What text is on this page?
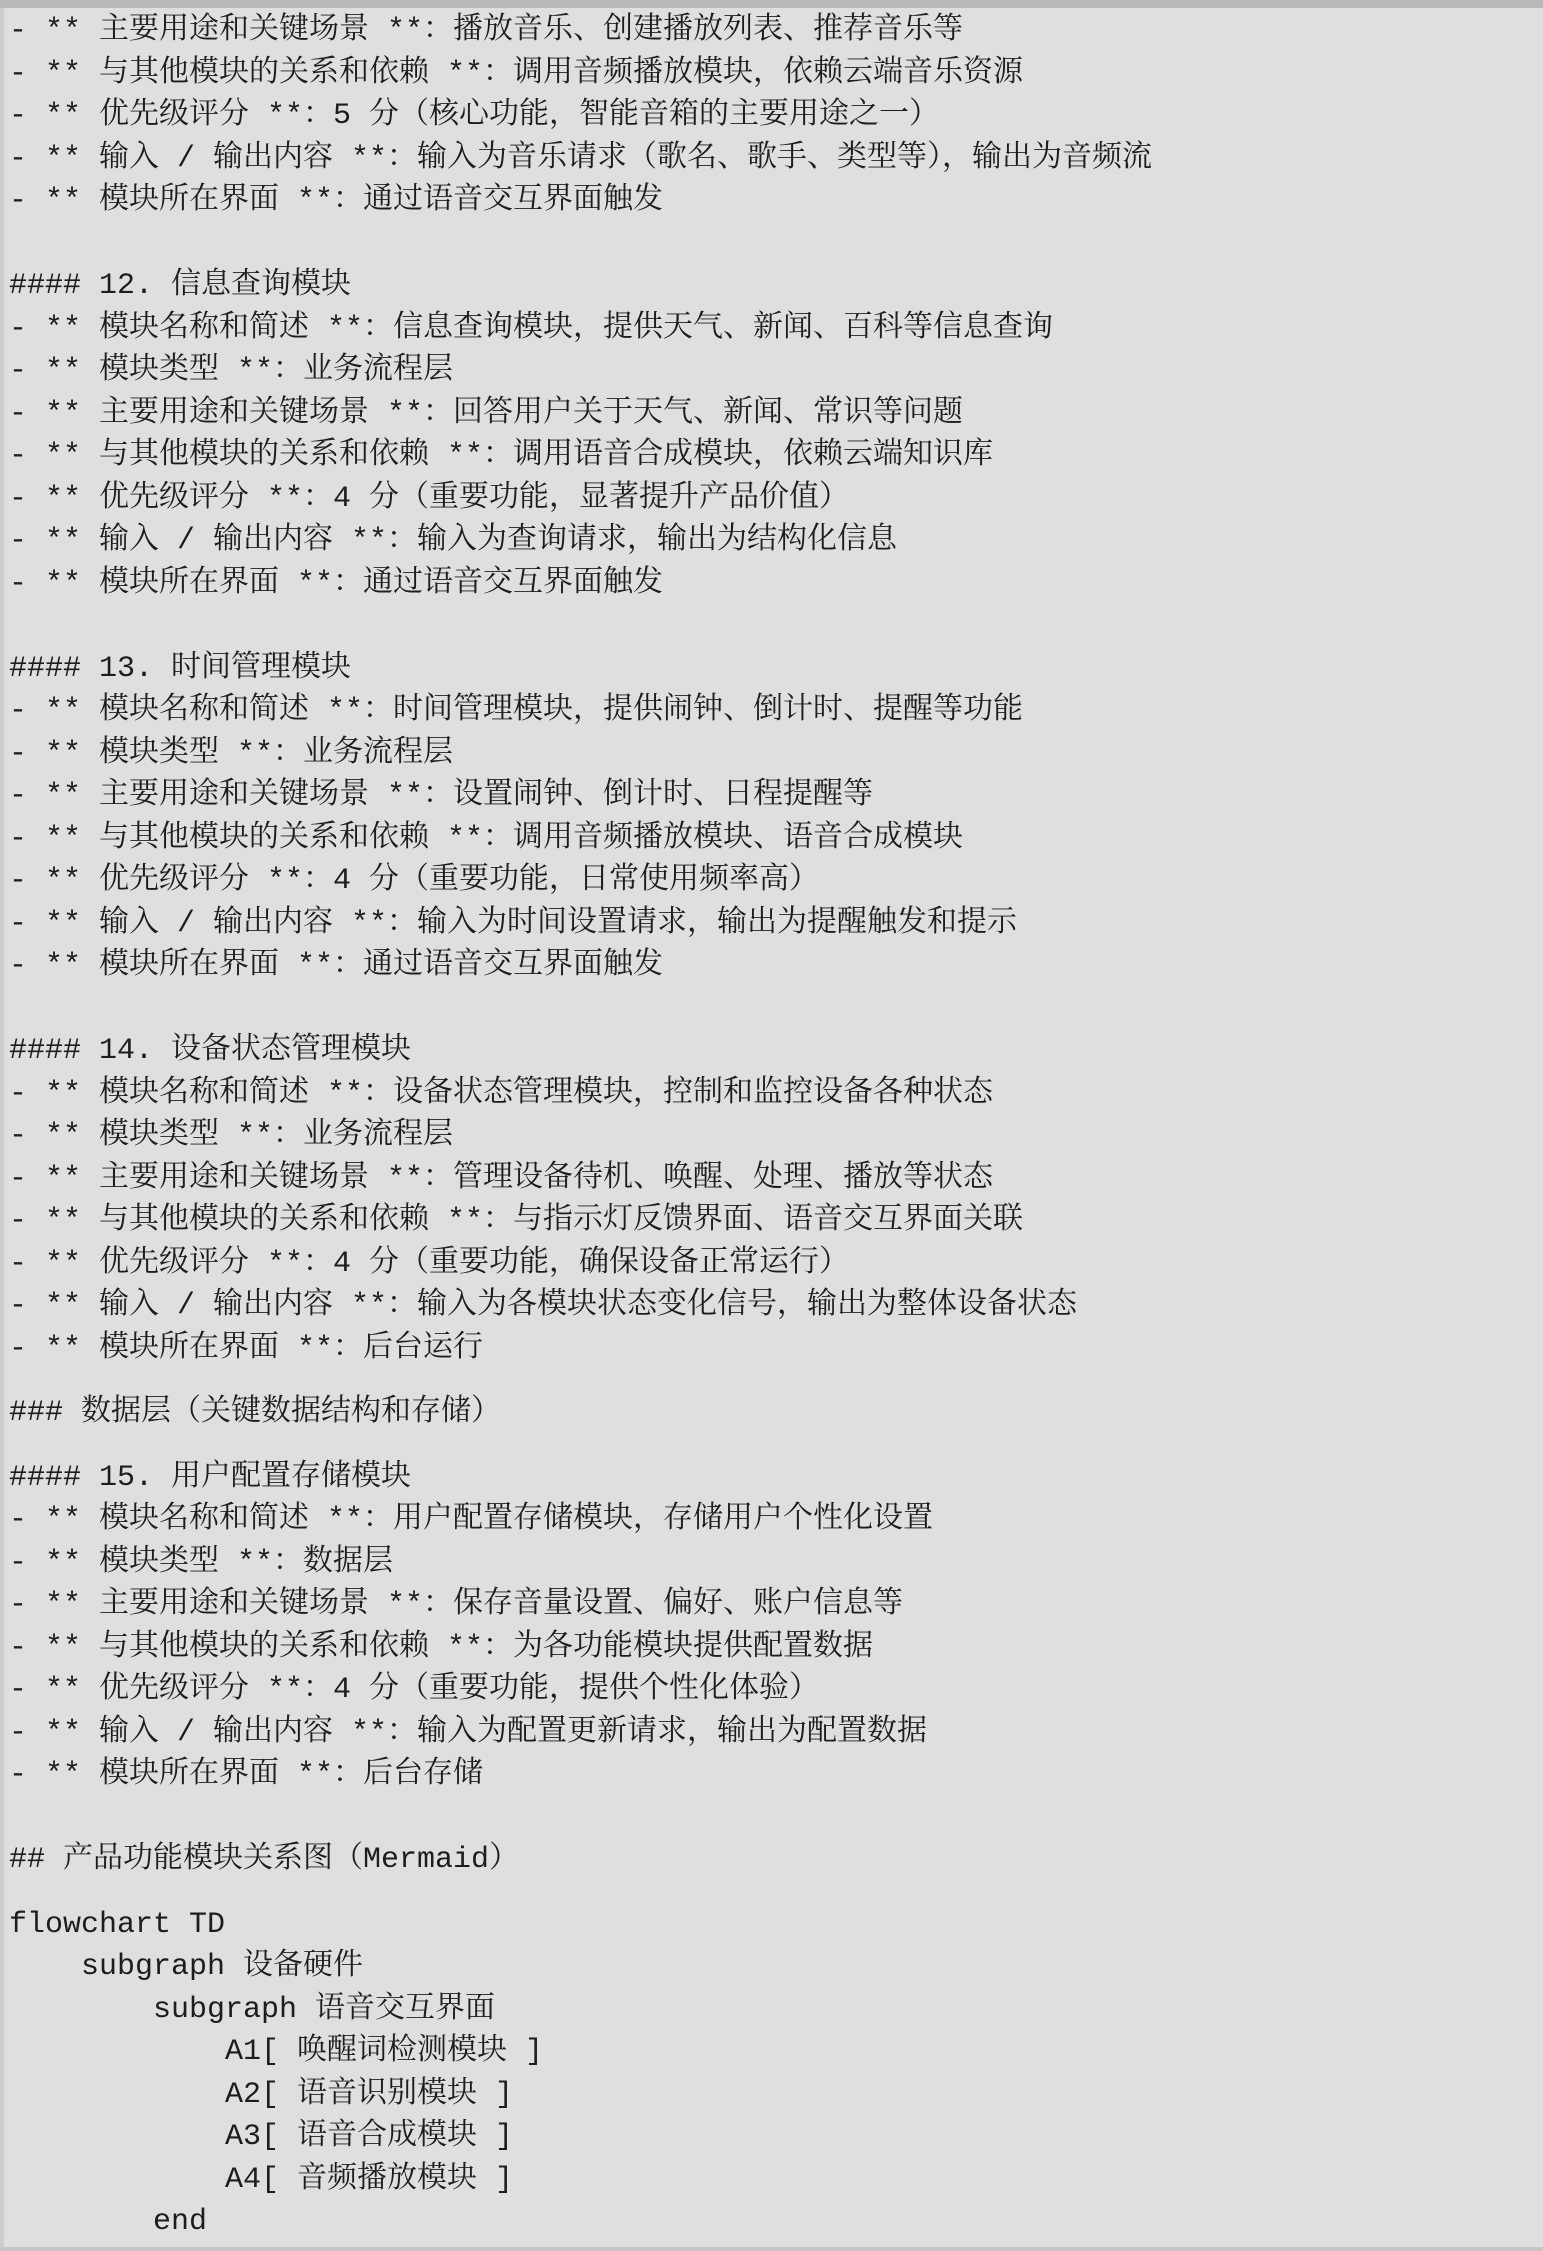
- ** 主要用途和关键场景 **：播放音乐、创建播放列表、推荐音乐等
- ** 与其他模块的关系和依赖 **：调用音频播放模块，依赖云端音乐资源
- ** 优先级评分 **：5 分（核心功能，智能音箱的主要用途之一）
- ** 输入 / 输出内容 **：输入为音乐请求（歌名、歌手、类型等），输出为音频流
- ** 模块所在界面 **：通过语音交互界面触发

#### 12. 信息查询模块
- ** 模块名称和简述 **：信息查询模块，提供天气、新闻、百科等信息查询
- ** 模块类型 **：业务流程层
- ** 主要用途和关键场景 **：回答用户关于天气、新闻、常识等问题
- ** 与其他模块的关系和依赖 **：调用语音合成模块，依赖云端知识库
- ** 优先级评分 **：4 分（重要功能，显著提升产品价值）
- ** 输入 / 输出内容 **：输入为查询请求，输出为结构化信息
- ** 模块所在界面 **：通过语音交互界面触发

#### 13. 时间管理模块
- ** 模块名称和简述 **：时间管理模块，提供闹钟、倒计时、提醒等功能
- ** 模块类型 **：业务流程层
- ** 主要用途和关键场景 **：设置闹钟、倒计时、日程提醒等
- ** 与其他模块的关系和依赖 **：调用音频播放模块、语音合成模块
- ** 优先级评分 **：4 分（重要功能，日常使用频率高）
- ** 输入 / 输出内容 **：输入为时间设置请求，输出为提醒触发和提示
- ** 模块所在界面 **：通过语音交互界面触发

#### 14. 设备状态管理模块
- ** 模块名称和简述 **：设备状态管理模块，控制和监控设备各种状态
- ** 模块类型 **：业务流程层
- ** 主要用途和关键场景 **：管理设备待机、唤醒、处理、播放等状态
- ** 与其他模块的关系和依赖 **：与指示灯反馈界面、语音交互界面关联
- ** 优先级评分 **：4 分（重要功能，确保设备正常运行）
- ** 输入 / 输出内容 **：输入为各模块状态变化信号，输出为整体设备状态
- ** 模块所在界面 **：后台运行

### 数据层（关键数据结构和存储）

#### 15. 用户配置存储模块
- ** 模块名称和简述 **：用户配置存储模块，存储用户个性化设置
- ** 模块类型 **：数据层
- ** 主要用途和关键场景 **：保存音量设置、偏好、账户信息等
- ** 与其他模块的关系和依赖 **：为各功能模块提供配置数据
- ** 优先级评分 **：4 分（重要功能，提供个性化体验）
- ** 输入 / 输出内容 **：输入为配置更新请求，输出为配置数据
- ** 模块所在界面 **：后台存储

## 产品功能模块关系图（Mermaid）

flowchart TD
subgraph 设备硬件
subgraph 语音交互界面
A1[ 唤醒词检测模块 ]
A2[ 语音识别模块 ]
A3[ 语音合成模块 ]
A4[ 音频播放模块 ]
end
